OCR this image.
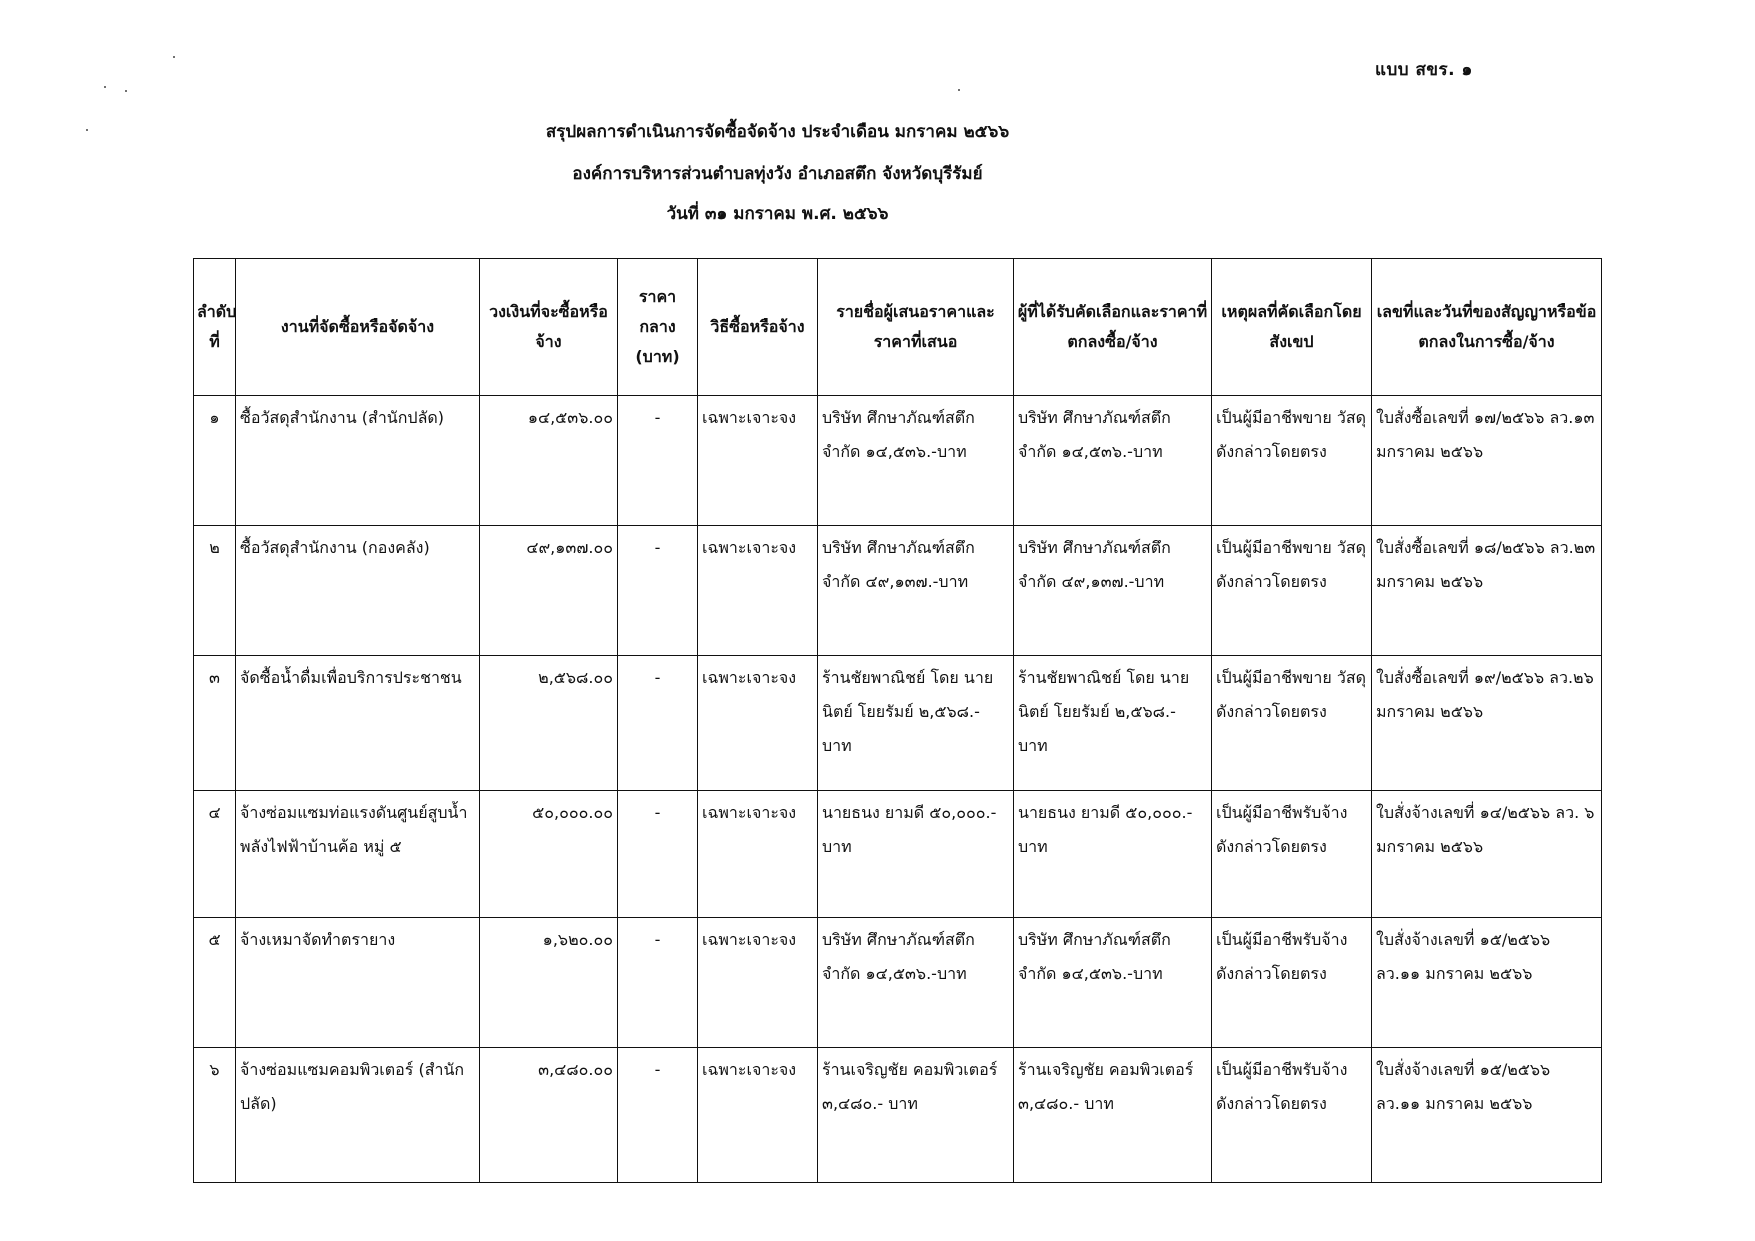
แบบ สขร. ๑
สรุปผลการดำเนินการจัดซื้อจัดจ้าง ประจำเดือน มกราคม ๒๕๖๖
องค์การบริหารส่วนตำบลทุ่งวัง อำเภอสตึก จังหวัดบุรีรัมย์
วันที่ ๓๑ มกราคม พ.ศ. ๒๕๖๖
ลำดับที่	งานที่จัดซื้อหรือจัดจ้าง	วงเงินที่จะซื้อหรือจ้าง	ราคากลาง (บาท)	วิธีซื้อหรือจ้าง	รายชื่อผู้เสนอราคาและราคาที่เสนอ	ผู้ที่ได้รับคัดเลือกและราคาที่ตกลงซื้อ/จ้าง	เหตุผลที่คัดเลือกโดยสังเขป	เลขที่และวันที่ของสัญญาหรือข้อตกลงในการซื้อ/จ้าง
๑	ซื้อวัสดุสำนักงาน (สำนักปลัด)	๑๔,๕๓๖.๐๐	-	เฉพาะเจาะจง	บริษัท ศึกษาภัณฑ์สตึก จำกัด ๑๔,๕๓๖.-บาท	บริษัท ศึกษาภัณฑ์สตึก จำกัด ๑๔,๕๓๖.-บาท	เป็นผู้มีอาชีพขาย วัสดุดังกล่าวโดยตรง	ใบสั่งซื้อเลขที่ ๑๗/๒๕๖๖ ลว.๑๓ มกราคม ๒๕๖๖
๒	ซื้อวัสดุสำนักงาน (กองคลัง)	๔๙,๑๓๗.๐๐	-	เฉพาะเจาะจง	บริษัท ศึกษาภัณฑ์สตึก จำกัด ๔๙,๑๓๗.-บาท	บริษัท ศึกษาภัณฑ์สตึก จำกัด ๔๙,๑๓๗.-บาท	เป็นผู้มีอาชีพขาย วัสดุดังกล่าวโดยตรง	ใบสั่งซื้อเลขที่ ๑๘/๒๕๖๖ ลว.๒๓ มกราคม ๒๕๖๖
๓	จัดซื้อน้ำดื่มเพื่อบริการประชาชน	๒,๕๖๘.๐๐	-	เฉพาะเจาะจง	ร้านชัยพาณิชย์ โดย นายนิตย์ โยยรัมย์ ๒,๕๖๘.- บาท	ร้านชัยพาณิชย์ โดย นายนิตย์ โยยรัมย์ ๒,๕๖๘.- บาท	เป็นผู้มีอาชีพขาย วัสดุดังกล่าวโดยตรง	ใบสั่งซื้อเลขที่ ๑๙/๒๕๖๖ ลว.๒๖ มกราคม ๒๕๖๖
๔	จ้างซ่อมแซมท่อแรงดันศูนย์สูบน้ำพลังไฟฟ้าบ้านค้อ หมู่ ๕	๕๐,๐๐๐.๐๐	-	เฉพาะเจาะจง	นายธนง ยามดี ๕๐,๐๐๐.-บาท	นายธนง ยามดี ๕๐,๐๐๐.-บาท	เป็นผู้มีอาชีพรับจ้าง ดังกล่าวโดยตรง	ใบสั่งจ้างเลขที่ ๑๔/๒๕๖๖ ลว. ๖ มกราคม ๒๕๖๖
๕	จ้างเหมาจัดทำตรายาง	๑,๖๒๐.๐๐	-	เฉพาะเจาะจง	บริษัท ศึกษาภัณฑ์สตึก จำกัด ๑๔,๕๓๖.-บาท	บริษัท ศึกษาภัณฑ์สตึก จำกัด ๑๔,๕๓๖.-บาท	เป็นผู้มีอาชีพรับจ้าง ดังกล่าวโดยตรง	ใบสั่งจ้างเลขที่ ๑๕/๒๕๖๖ ลว.๑๑ มกราคม ๒๕๖๖
๖	จ้างซ่อมแซมคอมพิวเตอร์ (สำนักปลัด)	๓,๔๘๐.๐๐	-	เฉพาะเจาะจง	ร้านเจริญชัย คอมพิวเตอร์ ๓,๔๘๐.- บาท	ร้านเจริญชัย คอมพิวเตอร์ ๓,๔๘๐.- บาท	เป็นผู้มีอาชีพรับจ้าง ดังกล่าวโดยตรง	ใบสั่งจ้างเลขที่ ๑๕/๒๕๖๖ ลว.๑๑ มกราคม ๒๕๖๖
